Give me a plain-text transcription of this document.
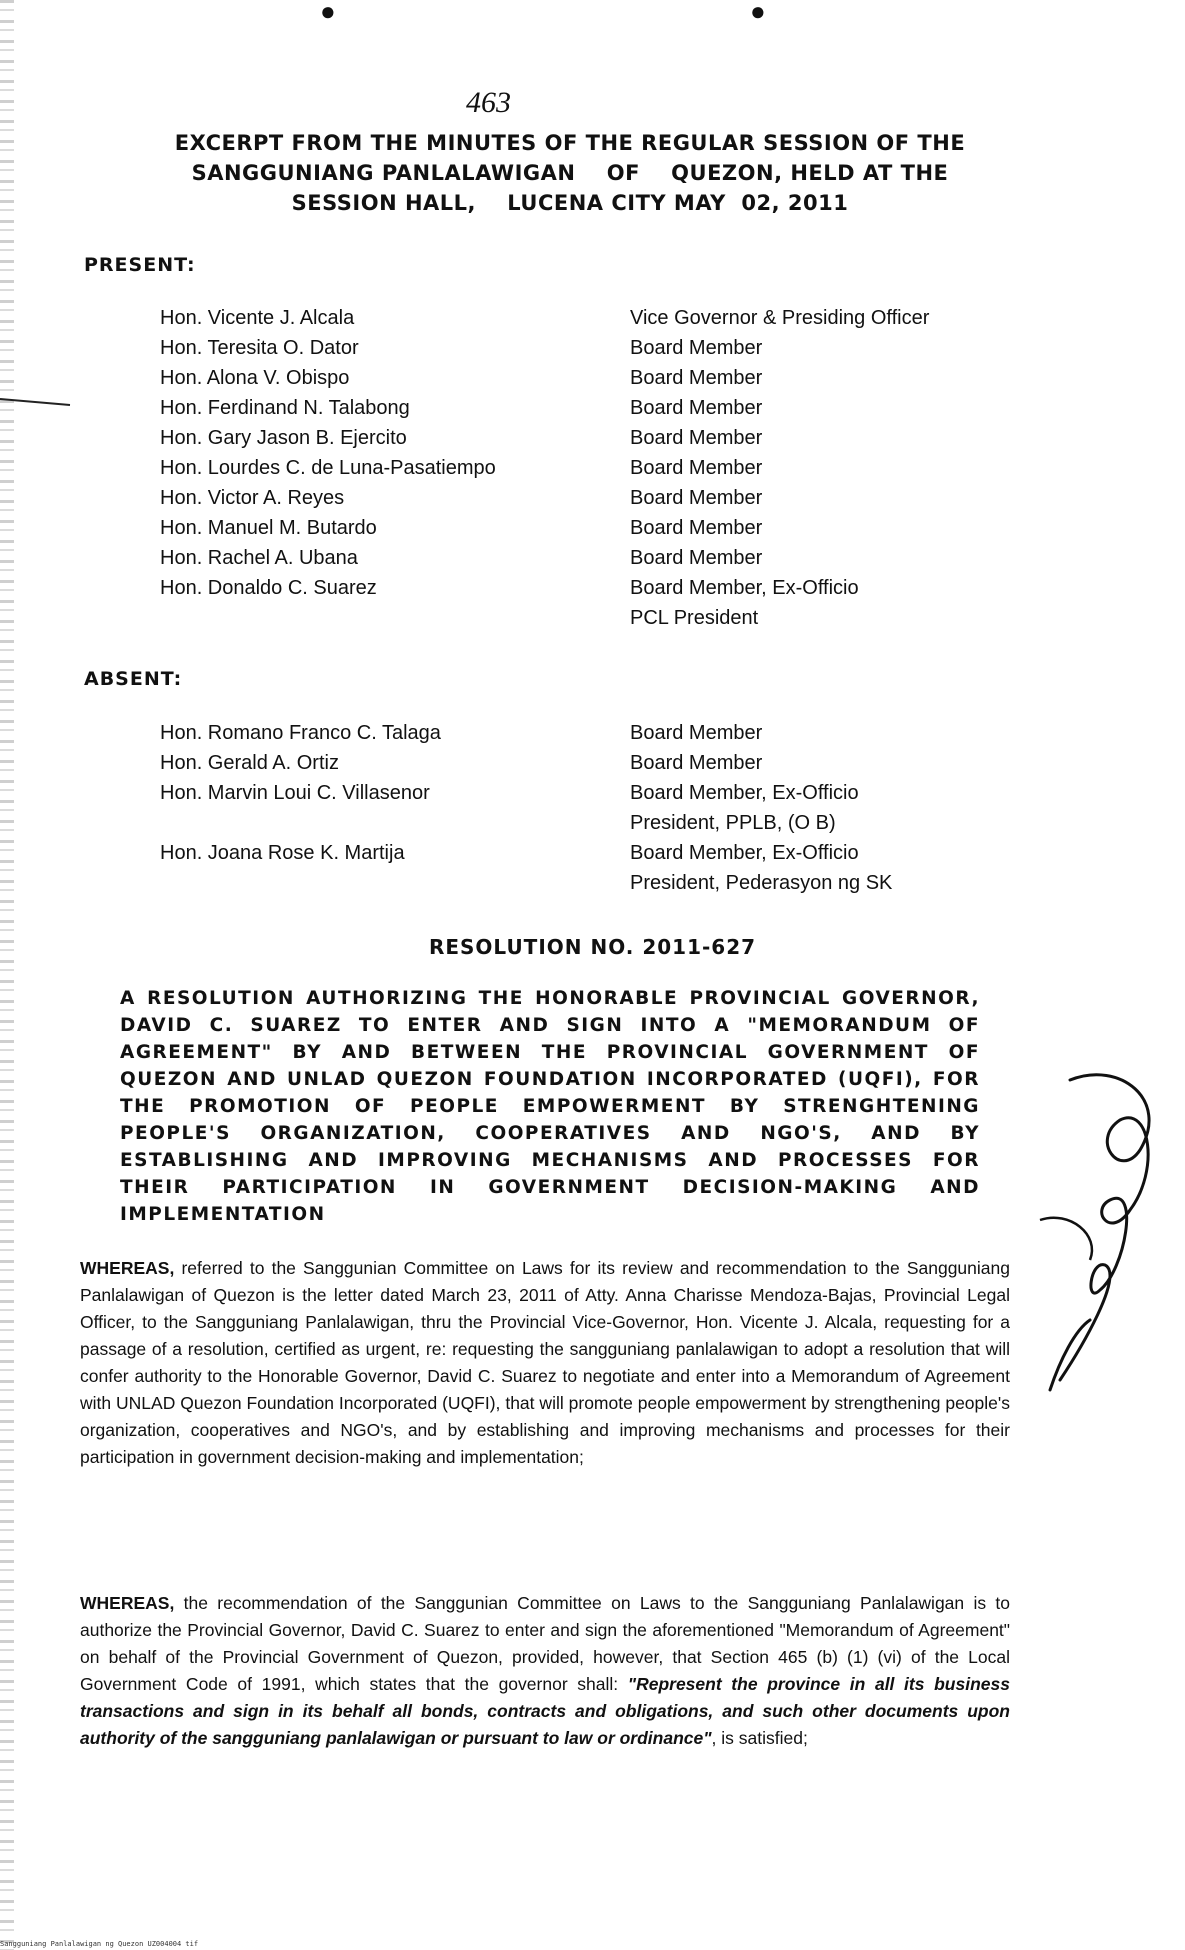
●	●
463
EXCERPT FROM THE MINUTES OF THE REGULAR SESSION OF THE
SANGGUNIANG PANLALAWIGAN    OF    QUEZON, HELD AT THE
SESSION HALL,    LUCENA CITY MAY  02, 2011
PRESENT:
Hon. Vicente J. Alcala	Vice Governor & Presiding Officer
Hon. Teresita O. Dator	Board Member
Hon. Alona V. Obispo	Board Member
Hon. Ferdinand N. Talabong	Board Member
Hon. Gary Jason B. Ejercito	Board Member
Hon. Lourdes C. de Luna-Pasatiempo	Board Member
Hon. Victor A. Reyes	Board Member
Hon. Manuel M. Butardo	Board Member
Hon. Rachel A. Ubana	Board Member
Hon. Donaldo C. Suarez	Board Member, Ex-Officio
PCL President
ABSENT:
Hon. Romano Franco C. Talaga	Board Member
Hon. Gerald A. Ortiz	Board Member
Hon. Marvin Loui C. Villasenor	Board Member, Ex-Officio
President, PPLB, (O B)
Hon. Joana Rose K. Martija	Board Member, Ex-Officio
President, Pederasyon ng SK
RESOLUTION NO. 2011-627
A RESOLUTION AUTHORIZING THE HONORABLE PROVINCIAL GOVERNOR, DAVID C. SUAREZ TO ENTER AND SIGN INTO A "MEMORANDUM OF AGREEMENT" BY AND BETWEEN THE PROVINCIAL GOVERNMENT OF QUEZON AND UNLAD QUEZON FOUNDATION INCORPORATED (UQFI), FOR THE PROMOTION OF PEOPLE EMPOWERMENT BY STRENGHTENING PEOPLE'S ORGANIZATION, COOPERATIVES AND NGO'S, AND BY ESTABLISHING AND IMPROVING MECHANISMS AND PROCESSES FOR THEIR PARTICIPATION IN GOVERNMENT DECISION-MAKING AND IMPLEMENTATION
WHEREAS, referred to the Sanggunian Committee on Laws for its review and recommendation to the Sangguniang Panlalawigan of Quezon is the letter dated March 23, 2011 of Atty. Anna Charisse Mendoza-Bajas, Provincial Legal Officer, to the Sangguniang Panlalawigan, thru the Provincial Vice-Governor, Hon. Vicente J. Alcala, requesting for a passage of a resolution, certified as urgent, re: requesting the sangguniang panlalawigan to adopt a resolution that will confer authority to the Honorable Governor, David C. Suarez to negotiate and enter into a Memorandum of Agreement with UNLAD Quezon Foundation Incorporated (UQFI), that will promote people empowerment by strengthening people's organization, cooperatives and NGO's, and by establishing and improving mechanisms and processes for their participation in government decision-making and implementation;
WHEREAS, the recommendation of the Sanggunian Committee on Laws to the Sangguniang Panlalawigan is to authorize the Provincial Governor, David C. Suarez to enter and sign the aforementioned "Memorandum of Agreement" on behalf of the Provincial Government of Quezon, provided, however, that Section 465 (b) (1) (vi) of the Local Government Code of 1991, which states that the governor shall: "Represent the province in all its business transactions and sign in its behalf all bonds, contracts and obligations, and such other documents upon authority of the sangguniang panlalawigan or pursuant to law or ordinance", is satisfied;
Sangguniang Panlalawigan ng Quezon UZ004004 tif
